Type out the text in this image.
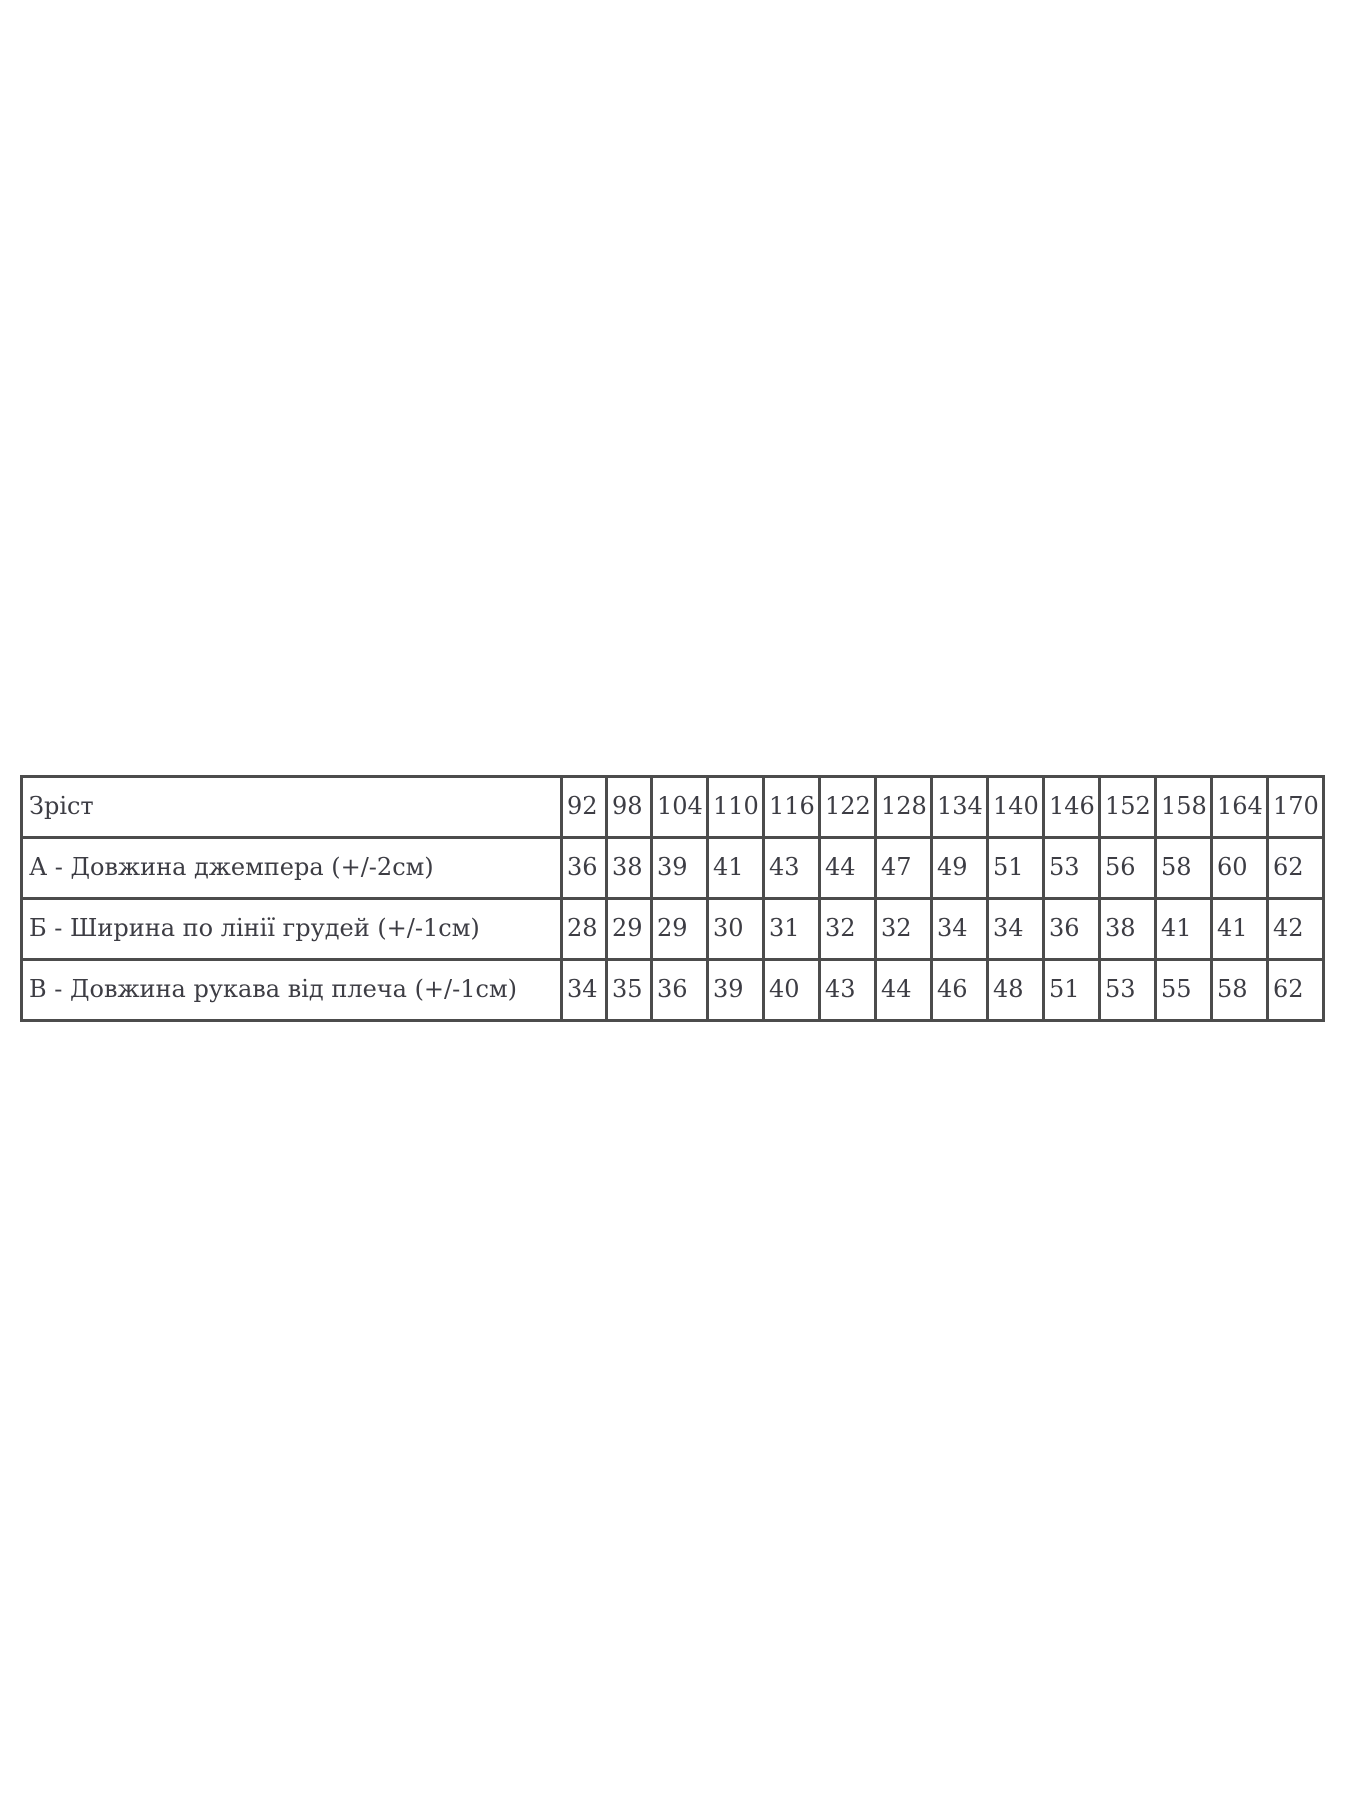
Зріст	92	98	104	110	116	122	128	134	140	146	152	158	164	170
А - Довжина джемпера (+/-2см)	36	38	39	41	43	44	47	49	51	53	56	58	60	62
Б - Ширина по лінії грудей (+/-1см)	28	29	29	30	31	32	32	34	34	36	38	41	41	42
В - Довжина рукава від плеча (+/-1см)	34	35	36	39	40	43	44	46	48	51	53	55	58	62
